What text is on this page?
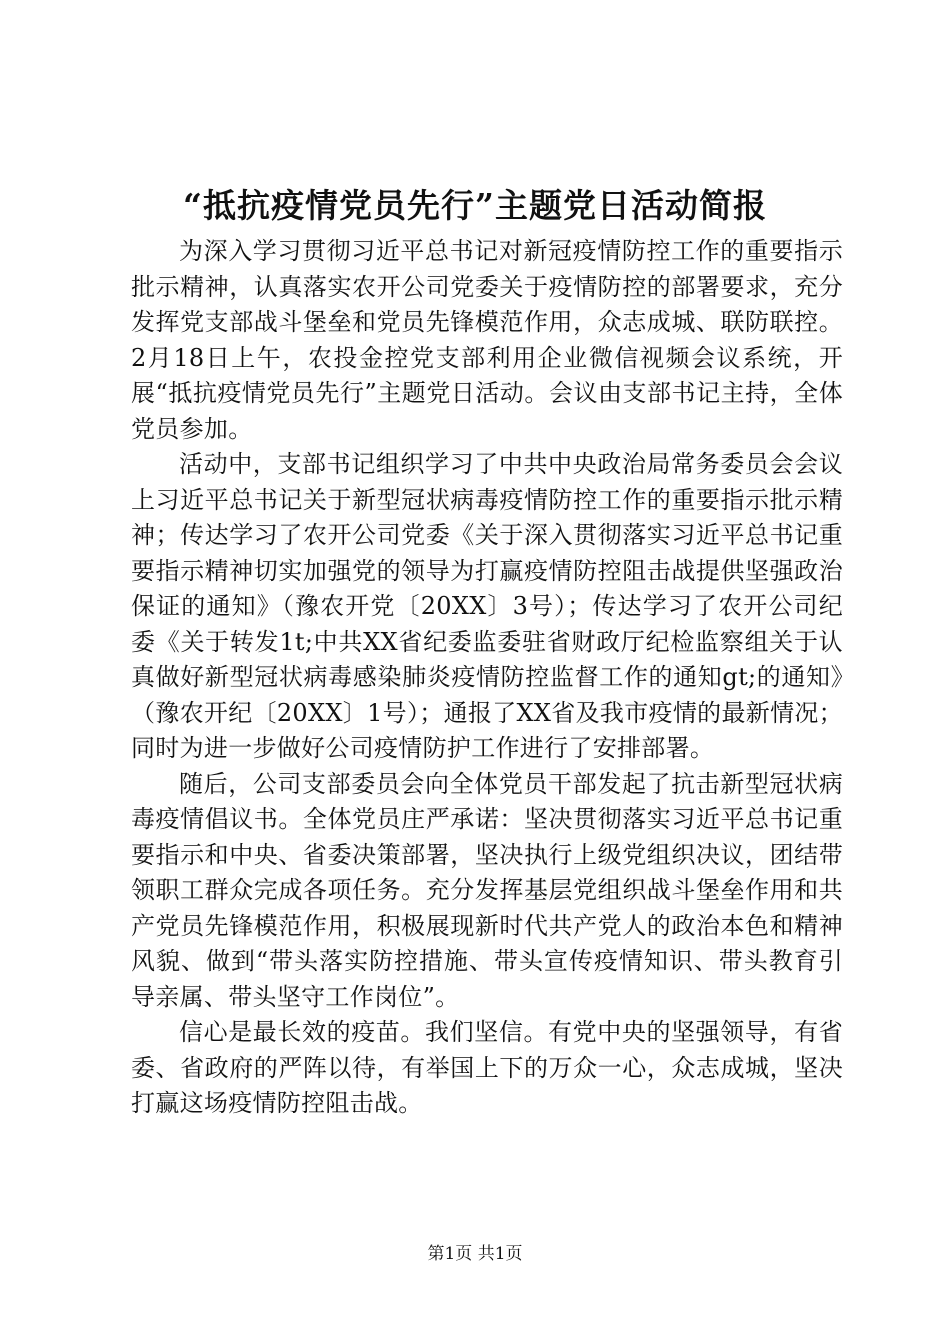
“抵抗疫情党员先行”主题党日活动简报

为深入学习贯彻习近平总书记对新冠疫情防控工作的重要指示批示精神，认真落实农开公司党委关于疫情防控的部署要求，充分发挥党支部战斗堡垒和党员先锋模范作用，众志成城、联防联控。2月18日上午，农投金控党支部利用企业微信视频会议系统，开展“抵抗疫情党员先行”主题党日活动。会议由支部书记主持，全体党员参加。

活动中，支部书记组织学习了中共中央政治局常务委员会会议上习近平总书记关于新型冠状病毒疫情防控工作的重要指示批示精神；传达学习了农开公司党委《关于深入贯彻落实习近平总书记重要指示精神切实加强党的领导为打赢疫情防控阻击战提供坚强政治保证的通知》（豫农开党〔20XX〕3号）；传达学习了农开公司纪委《关于转发1t;中共XX省纪委监委驻省财政厅纪检监察组关于认真做好新型冠状病毒感染肺炎疫情防控监督工作的通知gt;的通知》（豫农开纪〔20XX〕1号）；通报了XX省及我市疫情的最新情况；同时为进一步做好公司疫情防护工作进行了安排部署。

随后，公司支部委员会向全体党员干部发起了抗击新型冠状病毒疫情倡议书。全体党员庄严承诺：坚决贯彻落实习近平总书记重要指示和中央、省委决策部署，坚决执行上级党组织决议，团结带领职工群众完成各项任务。充分发挥基层党组织战斗堡垒作用和共产党员先锋模范作用，积极展现新时代共产党人的政治本色和精神风貌、做到“带头落实防控措施、带头宣传疫情知识、带头教育引导亲属、带头坚守工作岗位”。

信心是最长效的疫苗。我们坚信。有党中央的坚强领导，有省委、省政府的严阵以待，有举国上下的万众一心，众志成城，坚决打赢这场疫情防控阻击战。

第1页 共1页
